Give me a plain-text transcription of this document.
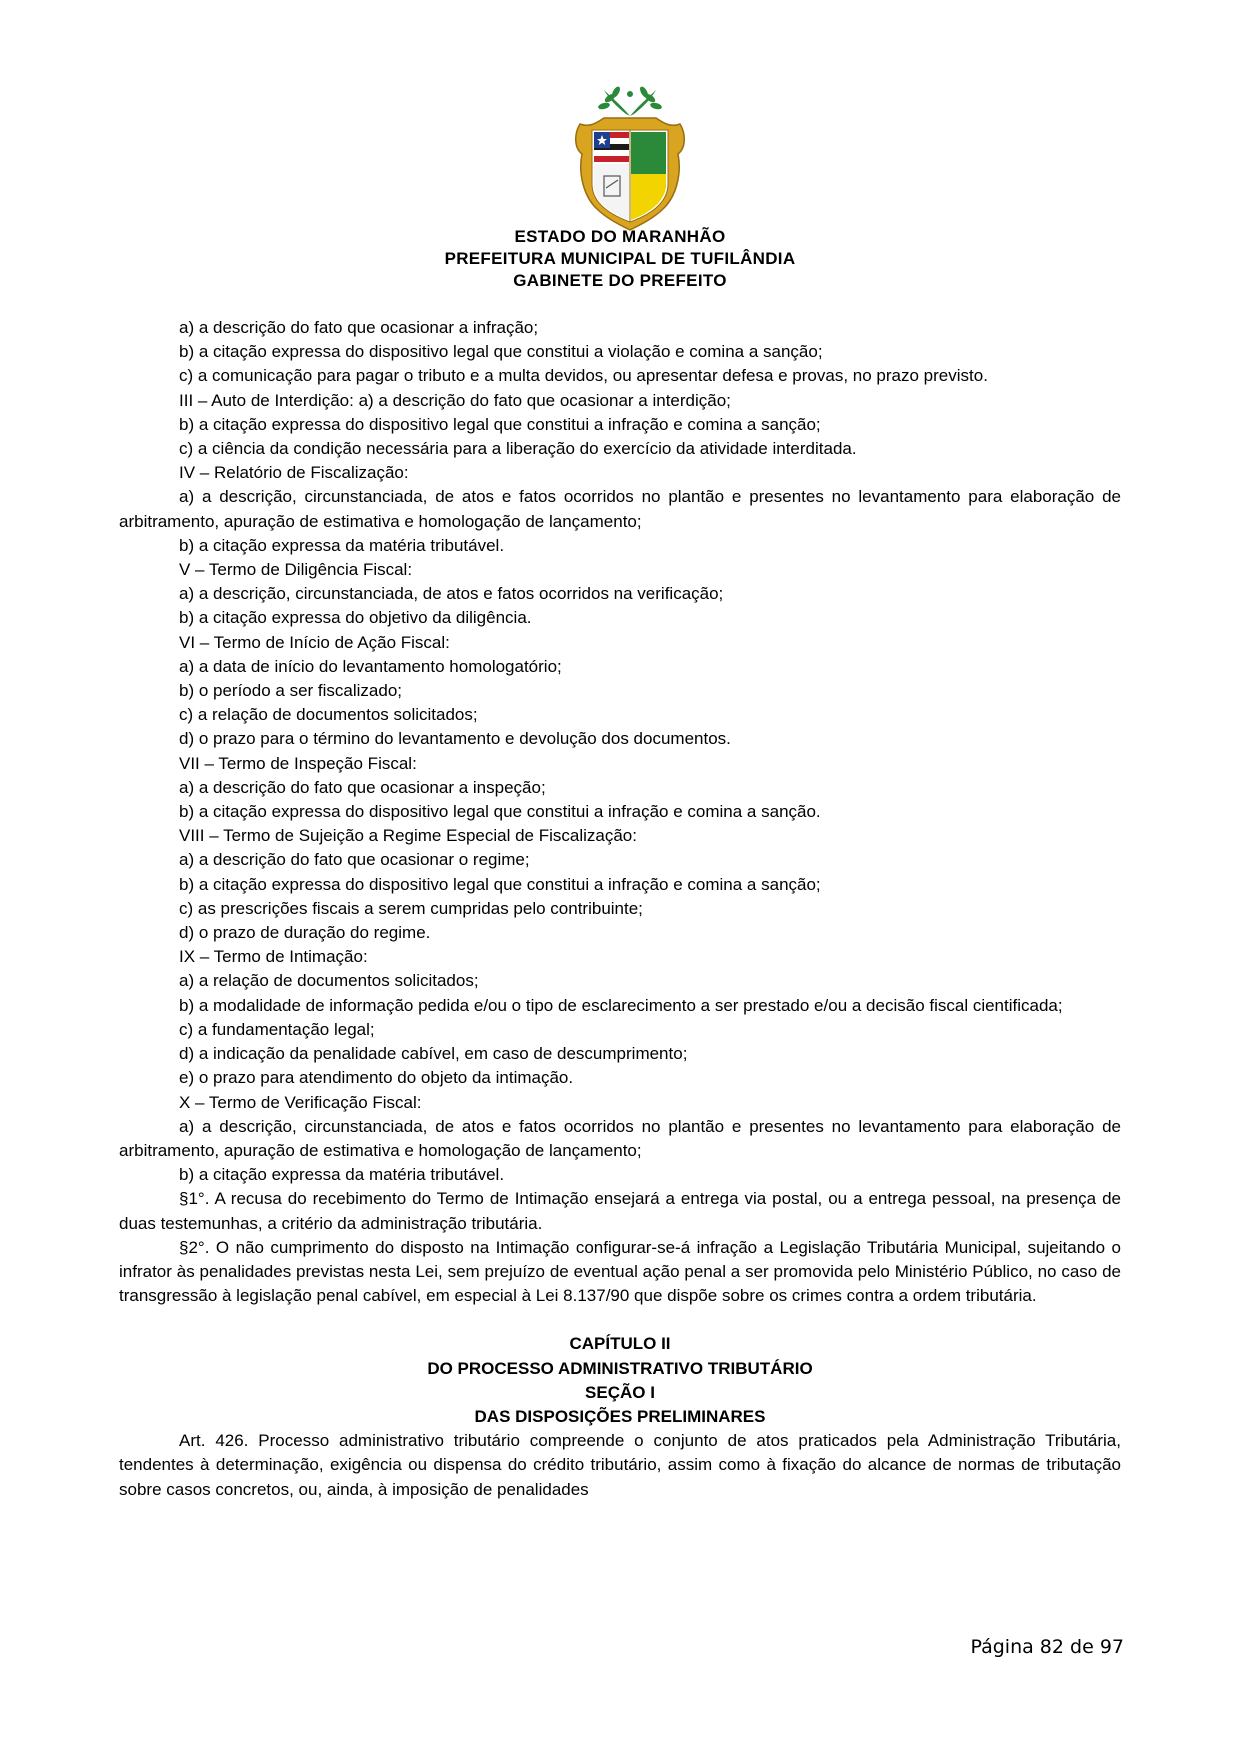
ESTADO DO MARANHÃO
PREFEITURA MUNICIPAL DE TUFILÂNDIA
GABINETE DO PREFEITO

a) a descrição do fato que ocasionar a infração;

b) a citação expressa do dispositivo legal que constitui a violação e comina a sanção;

c) a comunicação para pagar o tributo e a multa devidos, ou apresentar defesa e provas, no prazo previsto.

III – Auto de Interdição: a) a descrição do fato que ocasionar a interdição;

b) a citação expressa do dispositivo legal que constitui a infração e comina a sanção;

c) a ciência da condição necessária para a liberação do exercício da atividade interditada.

IV – Relatório de Fiscalização:

a) a descrição, circunstanciada, de atos e fatos ocorridos no plantão e presentes no levantamento para elaboração de arbitramento, apuração de estimativa e homologação de lançamento;

b) a citação expressa da matéria tributável.

V – Termo de Diligência Fiscal:

a) a descrição, circunstanciada, de atos e fatos ocorridos na verificação;

b) a citação expressa do objetivo da diligência.

VI – Termo de Início de Ação Fiscal:

a) a data de início do levantamento homologatório;

b) o período a ser fiscalizado;

c) a relação de documentos solicitados;

d) o prazo para o término do levantamento e devolução dos documentos.

VII – Termo de Inspeção Fiscal:

a) a descrição do fato que ocasionar a inspeção;

b) a citação expressa do dispositivo legal que constitui a infração e comina a sanção.

VIII – Termo de Sujeição a Regime Especial de Fiscalização:

a) a descrição do fato que ocasionar o regime;

b) a citação expressa do dispositivo legal que constitui a infração e comina a sanção;

c) as prescrições fiscais a serem cumpridas pelo contribuinte;

d) o prazo de duração do regime.

IX – Termo de Intimação:

a) a relação de documentos solicitados;

b) a modalidade de informação pedida e/ou o tipo de esclarecimento a ser prestado e/ou a decisão fiscal cientificada;

c) a fundamentação legal;

d) a indicação da penalidade cabível, em caso de descumprimento;

e) o prazo para atendimento do objeto da intimação.

X – Termo de Verificação Fiscal:

a) a descrição, circunstanciada, de atos e fatos ocorridos no plantão e presentes no levantamento para elaboração de arbitramento, apuração de estimativa e homologação de lançamento;

b) a citação expressa da matéria tributável.

§1°. A recusa do recebimento do Termo de Intimação ensejará a entrega via postal, ou a entrega pessoal, na presença de duas testemunhas, a critério da administração tributária.

§2°. O não cumprimento do disposto na Intimação configurar-se-á infração a Legislação Tributária Municipal, sujeitando o infrator às penalidades previstas nesta Lei, sem prejuízo de eventual ação penal a ser promovida pelo Ministério Público, no caso de transgressão à legislação penal cabível, em especial à Lei 8.137/90 que dispõe sobre os crimes contra a ordem tributária.

CAPÍTULO II

DO PROCESSO ADMINISTRATIVO TRIBUTÁRIO

SEÇÃO I

DAS DISPOSIÇÕES PRELIMINARES

Art. 426. Processo administrativo tributário compreende o conjunto de atos praticados pela Administração Tributária, tendentes à determinação, exigência ou dispensa do crédito tributário, assim como à fixação do alcance de normas de tributação sobre casos concretos, ou, ainda, à imposição de penalidades

Página 82 de 97
